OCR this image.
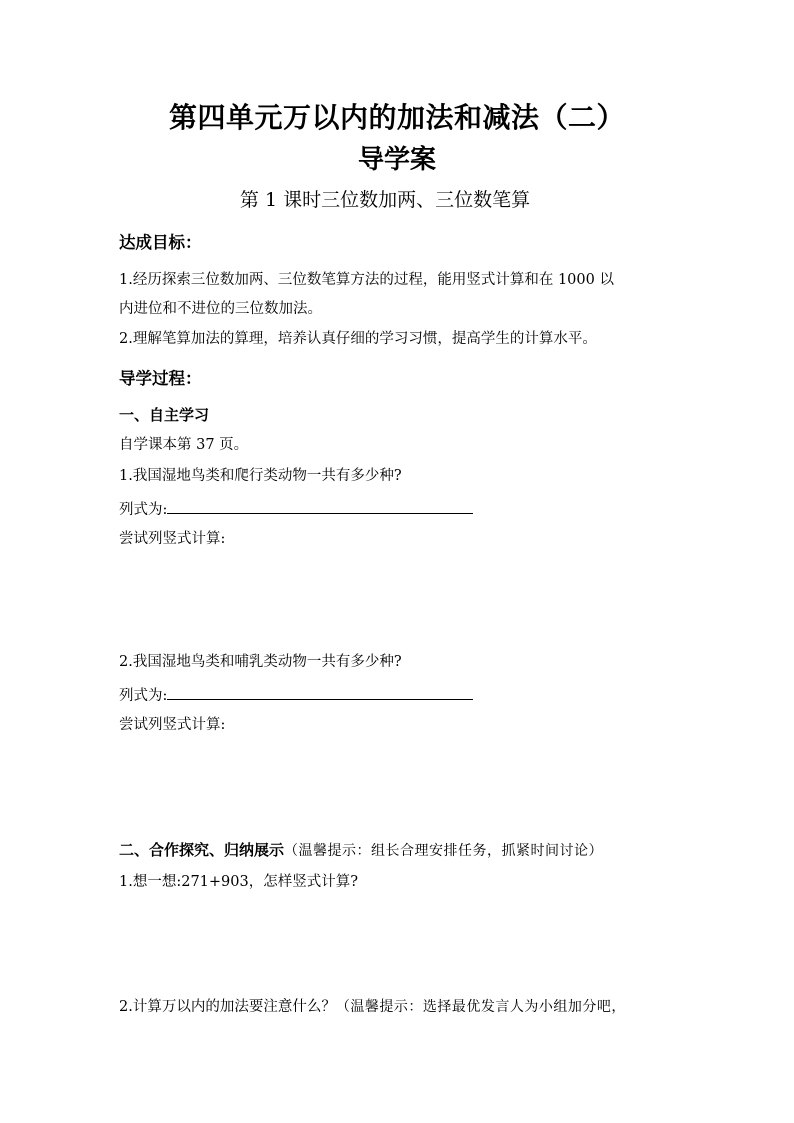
第四单元万以内的加法和减法（二）
导学案
第 1 课时三位数加两、三位数笔算
达成目标：
1.经历探索三位数加两、三位数笔算方法的过程，能用竖式计算和在 1000 以
内进位和不进位的三位数加法。
2.理解笔算加法的算理，培养认真仔细的学习习惯，提高学生的计算水平。
导学过程：
一、自主学习
自学课本第 37 页。
1.我国湿地鸟类和爬行类动物一共有多少种?
列式为:
尝试列竖式计算:
2.我国湿地鸟类和哺乳类动物一共有多少种?
列式为:
尝试列竖式计算:
二、合作探究、归纳展示（温馨提示：组长合理安排任务，抓紧时间讨论）
1.想一想:271+903，怎样竖式计算?
2.计算万以内的加法要注意什么？（温馨提示：选择最优发言人为小组加分吧，
